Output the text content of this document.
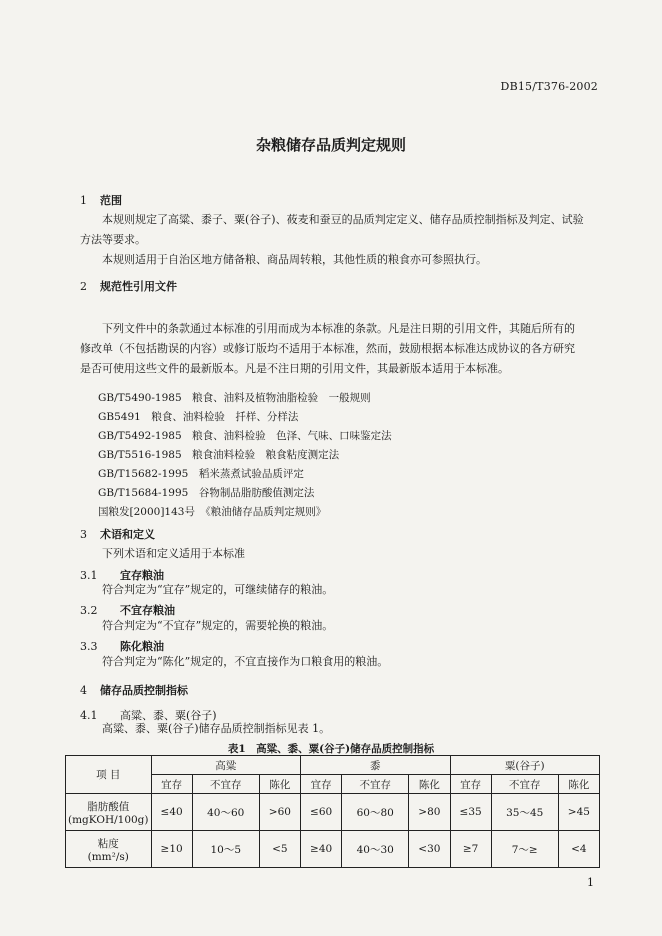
DB15/T376-2002
杂粮储存品质判定规则
1 范围
本规则规定了高粱、黍子、粟(谷子)、莜麦和蚕豆的品质判定定义、储存品质控制指标及判定、试验
方法等要求。
本规则适用于自治区地方储备粮、商品周转粮，其他性质的粮食亦可参照执行。
2 规范性引用文件
下列文件中的条款通过本标准的引用而成为本标准的条款。凡是注日期的引用文件，其随后所有的
修改单（不包括勘误的内容）或修订版均不适用于本标准，然而，鼓励根据本标准达成协议的各方研究
是否可使用这些文件的最新版本。凡是不注日期的引用文件，其最新版本适用于本标准。
GB/T5490-1985　 粮食、油料及植物油脂检验　一般规则
GB5491　 粮食、油料检验　扦样、分样法
GB/T5492-1985　 粮食、油料检验　色泽、气味、口味鉴定法
GB/T5516-1985　 粮食油料检验　粮食粘度测定法
GB/T15682-1995　 稻米蒸煮试验品质评定
GB/T15684-1995　 谷物制品脂肪酸值测定法
国粮发[2000]143号　 《粮油储存品质判定规则》
3 术语和定义
下列术语和定义适用于本标准
3.1 宜存粮油
符合判定为“宜存”规定的，可继续储存的粮油。
3.2 不宜存粮油
符合判定为“不宜存”规定的，需要轮换的粮油。
3.3 陈化粮油
符合判定为“陈化”规定的，不宜直接作为口粮食用的粮油。
4 储存品质控制指标
4.1 高粱、黍、粟(谷子)
高粱、黍、粟(谷子)储存品质控制指标见表 1。
表1　高粱、黍、粟(谷子)储存品质控制指标
项 目	高粱			黍			粟(谷子)		
	宜存	不宜存	陈化	宜存	不宜存	陈化	宜存	不宜存	陈化
脂肪酸值
(mgKOH/100g)	≤40	40～60	>60	≤60	60～80	>80	≤35	35～45	>45
粘度
(mm²/s)	≥10	10～5	<5	≥40	40～30	<30	≥7	7～≥	<4
1
